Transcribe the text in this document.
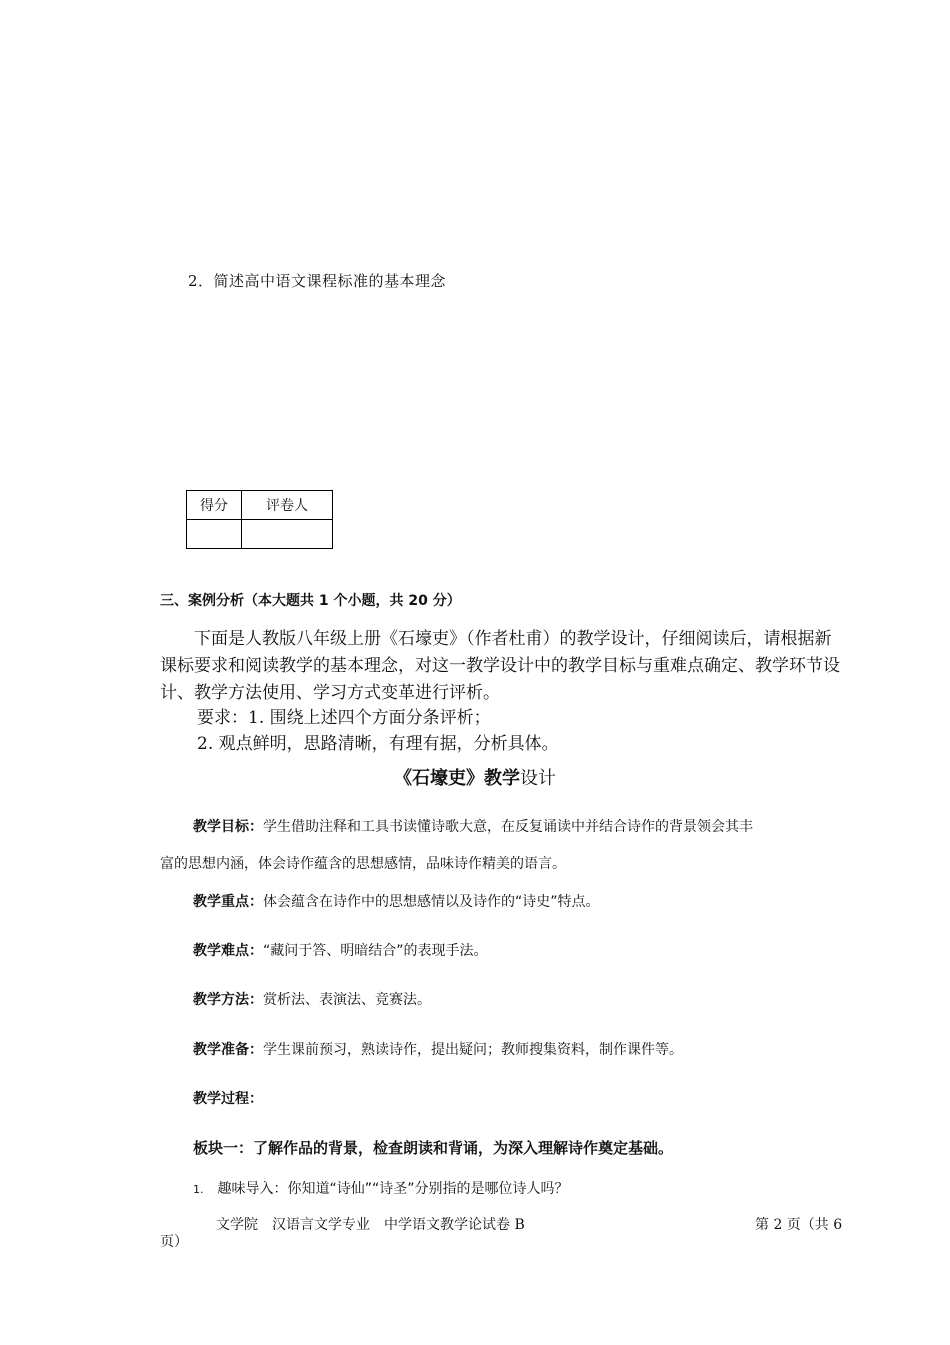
2．简述高中语文课程标准的基本理念
得分	评卷人

三、案例分析（本大题共 1 个小题，共 20 分）

下面是人教版八年级上册《石壕吏》（作者杜甫）的教学设计，仔细阅读后，请根据新课标要求和阅读教学的基本理念，对这一教学设计中的教学目标与重难点确定、教学环节设计、教学方法使用、学习方式变革进行评析。

要求：1. 围绕上述四个方面分条评析；
2. 观点鲜明，思路清晰，有理有据，分析具体。
《石壕吏》教学设计
教学目标：学生借助注释和工具书读懂诗歌大意，在反复诵读中并结合诗作的背景领会其丰
富的思想内涵，体会诗作蕴含的思想感情，品味诗作精美的语言。
教学重点：体会蕴含在诗作中的思想感情以及诗作的“诗史”特点。
教学难点：“藏问于答、明暗结合”的表现手法。
教学方法：赏析法、表演法、竞赛法。
教学准备：学生课前预习，熟读诗作，提出疑问；教师搜集资料，制作课件等。
教学过程：
板块一：了解作品的背景，检查朗读和背诵，为深入理解诗作奠定基础。
1. 趣味导入：你知道“诗仙”“诗圣”分别指的是哪位诗人吗？
文学院 汉语言文学专业 中学语文教学论试卷 B	第 2 页（共 6
页）
